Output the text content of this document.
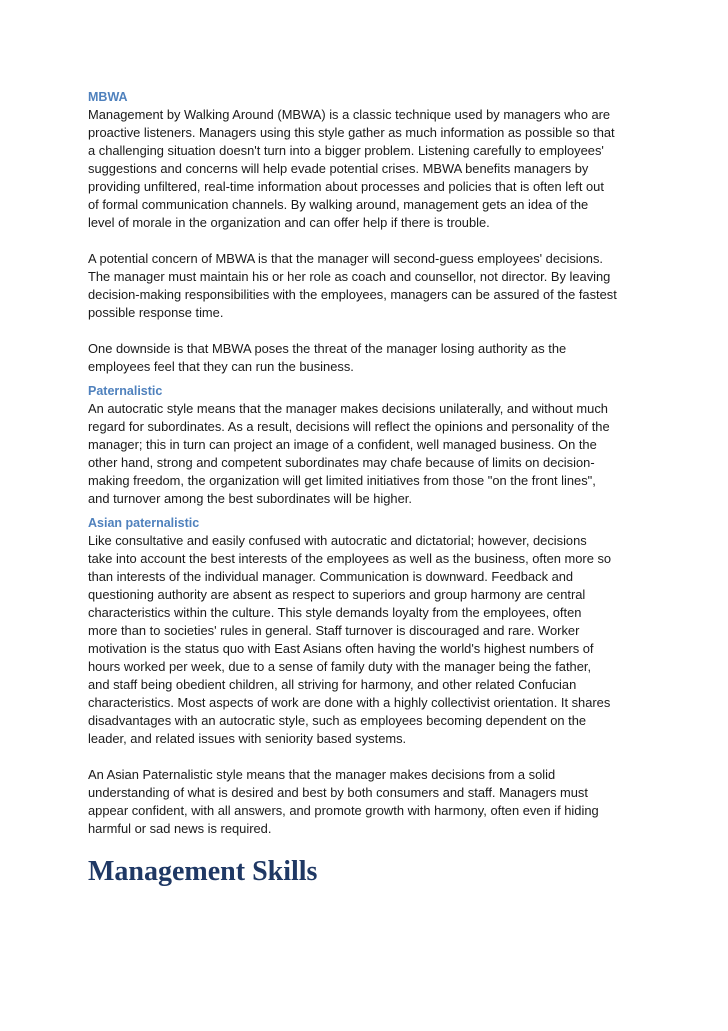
MBWA

Management by Walking Around (MBWA) is a classic technique used by managers who are
proactive listeners. Managers using this style gather as much information as possible so that
a challenging situation doesn't turn into a bigger problem. Listening carefully to employees'
suggestions and concerns will help evade potential crises. MBWA benefits managers by
providing unfiltered, real-time information about processes and policies that is often left out
of formal communication channels. By walking around, management gets an idea of the
level of morale in the organization and can offer help if there is trouble.

A potential concern of MBWA is that the manager will second-guess employees' decisions.
The manager must maintain his or her role as coach and counsellor, not director. By leaving
decision-making responsibilities with the employees, managers can be assured of the fastest
possible response time.

One downside is that MBWA poses the threat of the manager losing authority as the
employees feel that they can run the business.

Paternalistic

An autocratic style means that the manager makes decisions unilaterally, and without much
regard for subordinates. As a result, decisions will reflect the opinions and personality of the
manager; this in turn can project an image of a confident, well managed business. On the
other hand, strong and competent subordinates may chafe because of limits on decision-
making freedom, the organization will get limited initiatives from those "on the front lines",
and turnover among the best subordinates will be higher.

Asian paternalistic

Like consultative and easily confused with autocratic and dictatorial; however, decisions
take into account the best interests of the employees as well as the business, often more so
than interests of the individual manager. Communication is downward. Feedback and
questioning authority are absent as respect to superiors and group harmony are central
characteristics within the culture. This style demands loyalty from the employees, often
more than to societies' rules in general. Staff turnover is discouraged and rare. Worker
motivation is the status quo with East Asians often having the world's highest numbers of
hours worked per week, due to a sense of family duty with the manager being the father,
and staff being obedient children, all striving for harmony, and other related Confucian
characteristics. Most aspects of work are done with a highly collectivist orientation. It shares
disadvantages with an autocratic style, such as employees becoming dependent on the
leader, and related issues with seniority based systems.

An Asian Paternalistic style means that the manager makes decisions from a solid
understanding of what is desired and best by both consumers and staff. Managers must
appear confident, with all answers, and promote growth with harmony, often even if hiding
harmful or sad news is required.

Management Skills
